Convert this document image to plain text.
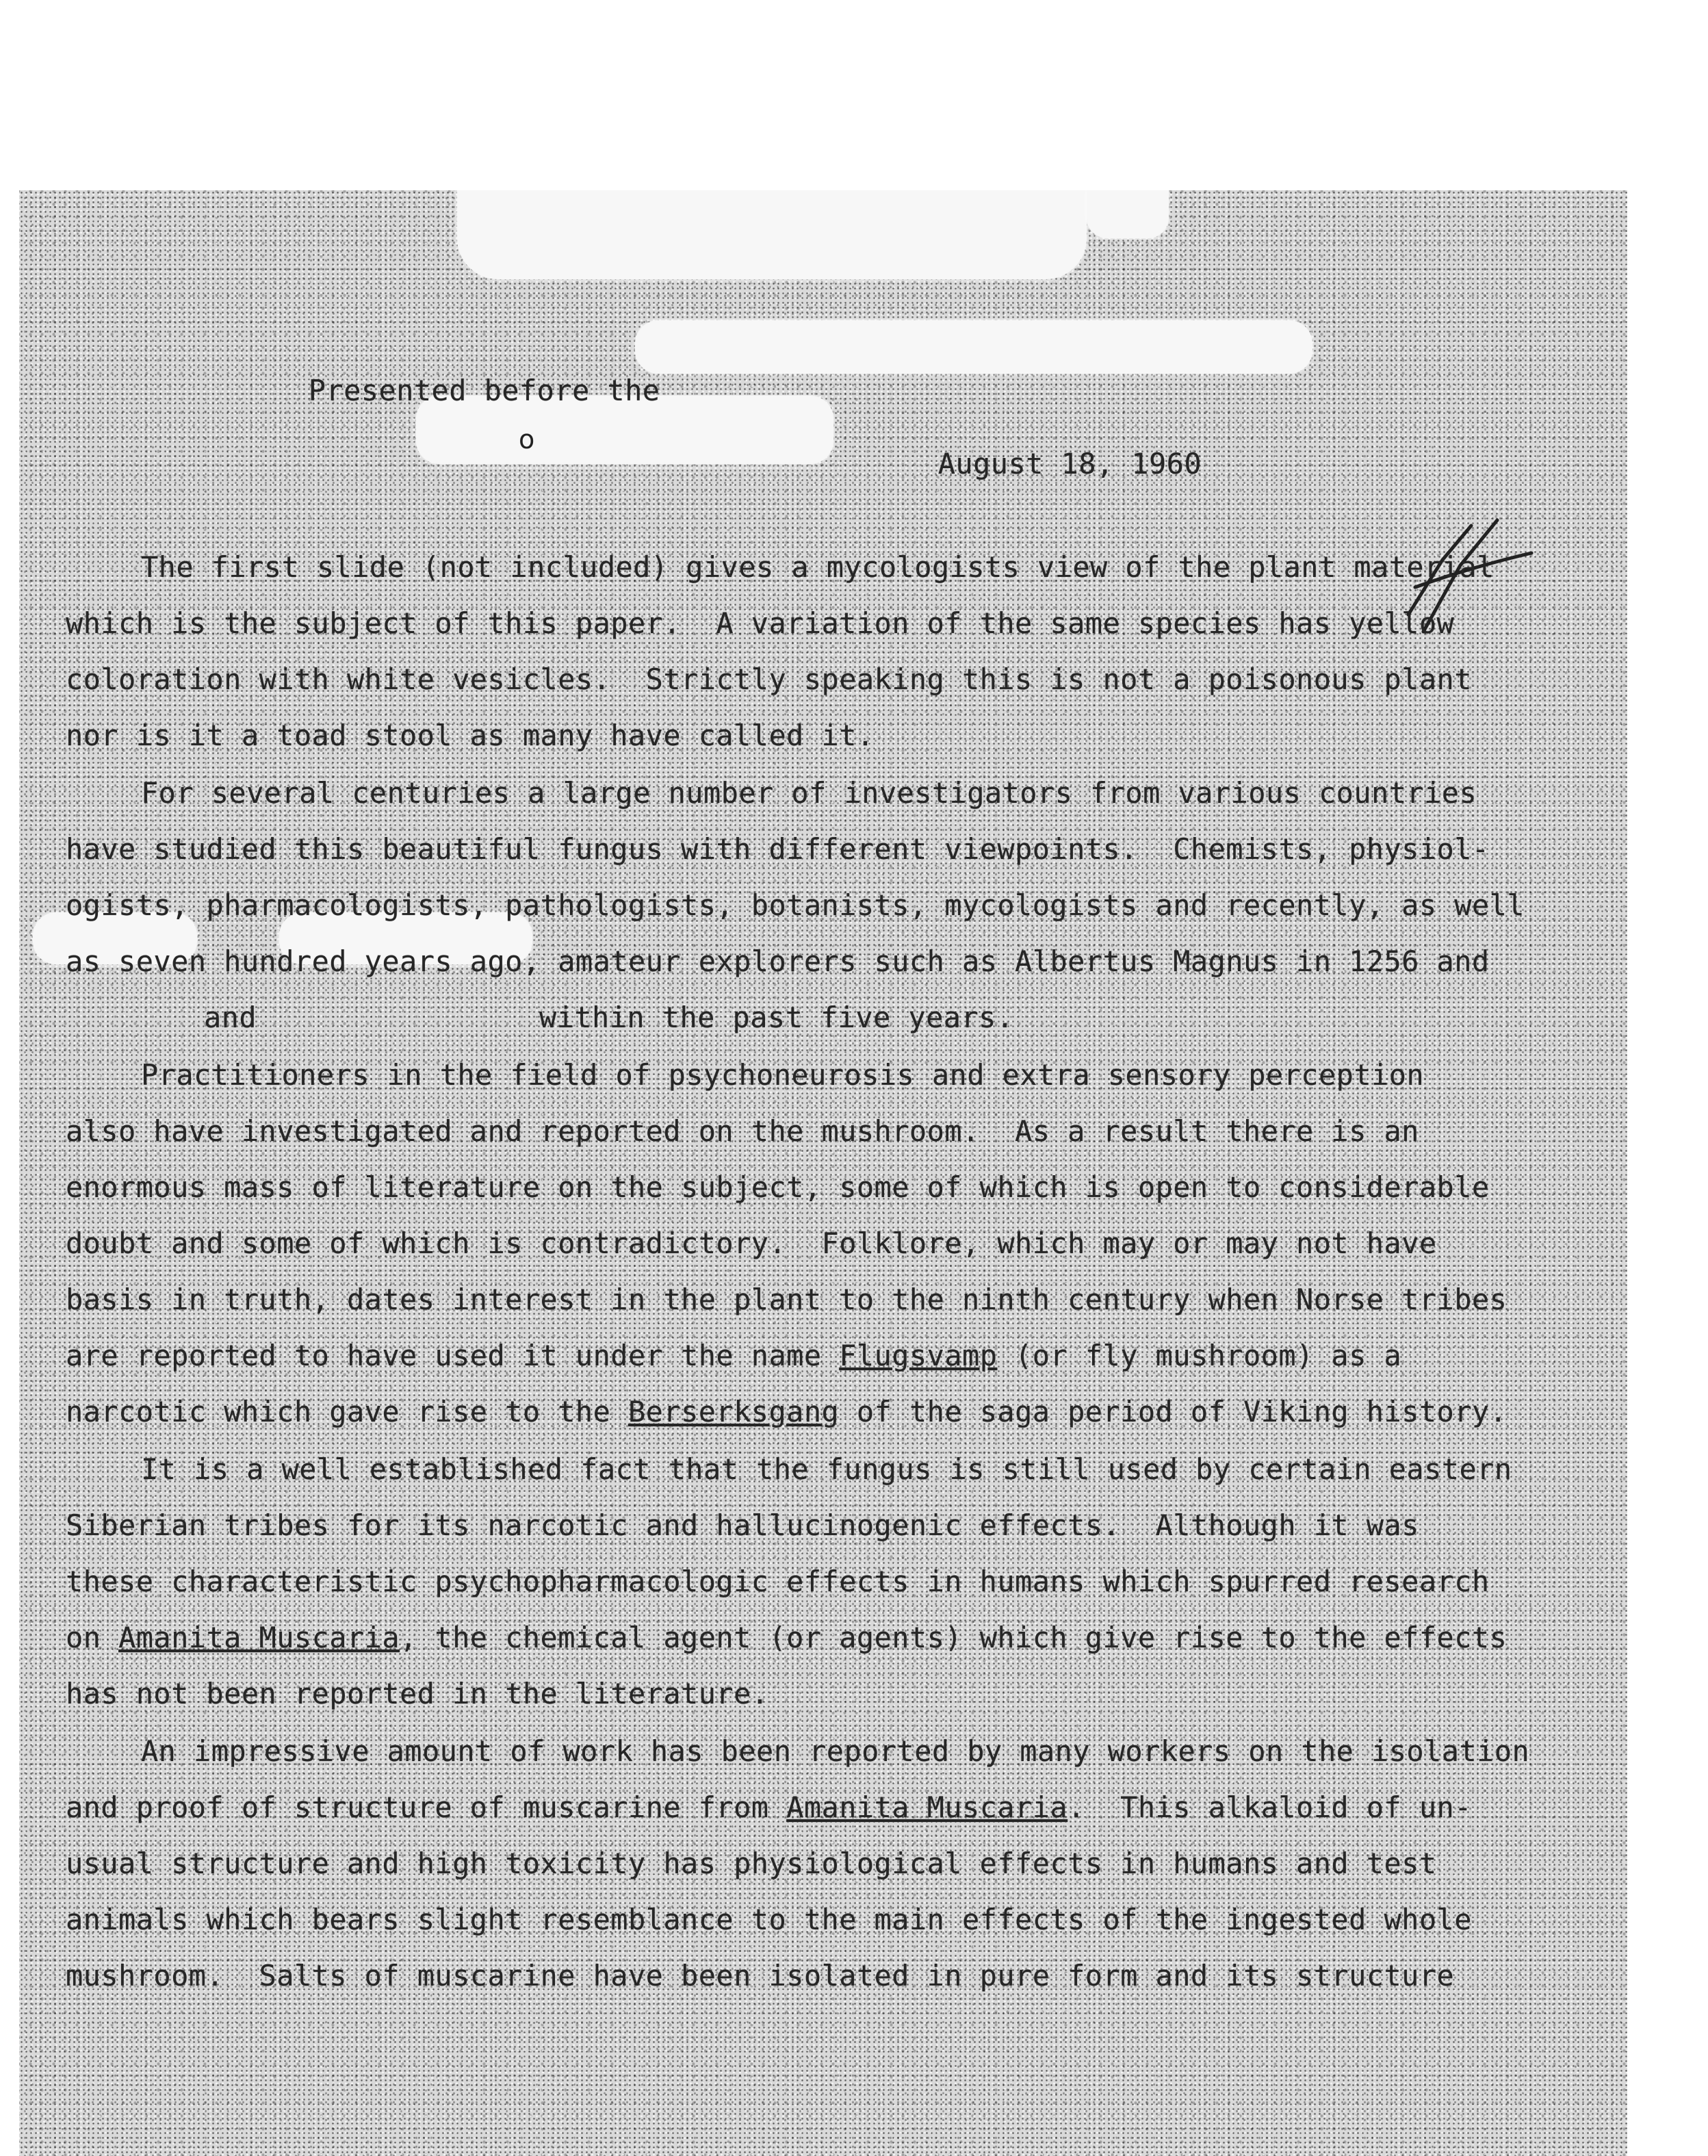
o

Presented before the

August 18, 1960

The first slide (not included) gives a mycologists view of the plant material
which is the subject of this paper.  A variation of the same species has yellow
coloration with white vesicles.  Strictly speaking this is not a poisonous plant
nor is it a toad stool as many have called it.
For several centuries a large number of investigators from various countries
have studied this beautiful fungus with different viewpoints.  Chemists, physiol-
ogists, pharmacologists, pathologists, botanists, mycologists and recently, as well
as seven hundred years ago, amateur explorers such as Albertus Magnus in 1256 and
and	within the past five years.
Practitioners in the field of psychoneurosis and extra sensory perception
also have investigated and reported on the mushroom.  As a result there is an
enormous mass of literature on the subject, some of which is open to considerable
doubt and some of which is contradictory.  Folklore, which may or may not have
basis in truth, dates interest in the plant to the ninth century when Norse tribes
are reported to have used it under the name Flugsvamp (or fly mushroom) as a
narcotic which gave rise to the Berserksgang of the saga period of Viking history.
It is a well established fact that the fungus is still used by certain eastern
Siberian tribes for its narcotic and hallucinogenic effects.  Although it was
these characteristic psychopharmacologic effects in humans which spurred research
on Amanita Muscaria, the chemical agent (or agents) which give rise to the effects
has not been reported in the literature.
An impressive amount of work has been reported by many workers on the isolation
and proof of structure of muscarine from Amanita Muscaria.  This alkaloid of un-
usual structure and high toxicity has physiological effects in humans and test
animals which bears slight resemblance to the main effects of the ingested whole
mushroom.  Salts of muscarine have been isolated in pure form and its structure
